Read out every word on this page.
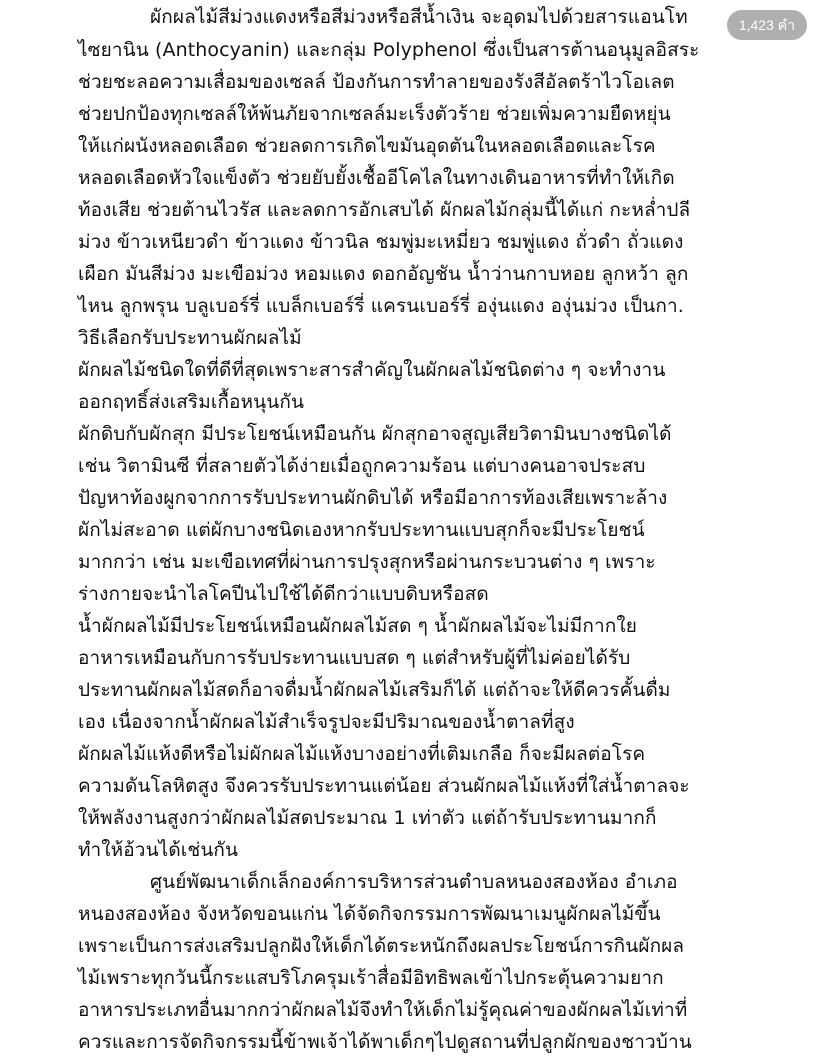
ผักผลไม้สีม่วงแดงหรือสีม่วงหรือสีน้ำเงิน จะอุดมไปด้วยสารแอนโท
ไซยานิน (Anthocyanin) และกลุ่ม Polyphenol ซึ่งเป็นสารต้านอนุมูลอิสระ
ช่วยชะลอความเสื่อมของเซลล์ ป้องกันการทำลายของรังสีอัลตร้าไวโอเลต
ช่วยปกป้องทุกเซลล์ให้พ้นภัยจากเซลล์มะเร็งตัวร้าย ช่วยเพิ่มความยืดหยุ่น
ให้แก่ผนังหลอดเลือด ช่วยลดการเกิดไขมันอุดตันในหลอดเลือดและโรค
หลอดเลือดหัวใจแข็งตัว ช่วยยับยั้งเชื้ออีโคไลในทางเดินอาหารที่ทำให้เกิด
ท้องเสีย ช่วยต้านไวรัส และลดการอักเสบได้ ผักผลไม้กลุ่มนี้ได้แก่ กะหล่ำปลี
ม่วง ข้าวเหนียวดำ ข้าวแดง ข้าวนิล ชมพู่มะเหมี่ยว ชมพู่แดง ถั่วดำ ถั่วแดง
เผือก มันสีม่วง มะเขือม่วง หอมแดง ดอกอัญชัน น้ำว่านกาบหอย ลูกหว้า ลูก
ไหน ลูกพรุน บลูเบอร์รี่ แบล็กเบอร์รี่ แครนเบอร์รี่ องุ่นแดง องุ่นม่วง เป็นกา.
วิธีเลือกรับประทานผักผลไม้
ผักผลไม้ชนิดใดที่ดีที่สุดเพราะสารสำคัญในผักผลไม้ชนิดต่าง ๆ จะทำงาน
ออกฤทธิ์ส่งเสริมเกื้อหนุนกัน
ผักดิบกับผักสุก มีประโยชน์เหมือนกัน ผักสุกอาจสูญเสียวิตามินบางชนิดได้
เช่น วิตามินซี ที่สลายตัวได้ง่ายเมื่อถูกความร้อน แต่บางคนอาจประสบ
ปัญหาท้องผูกจากการรับประทานผักดิบได้ หรือมีอาการท้องเสียเพราะล้าง
ผักไม่สะอาด แต่ผักบางชนิดเองหากรับประทานแบบสุกก็จะมีประโยชน์
มากกว่า เช่น มะเขือเทศที่ผ่านการปรุงสุกหรือผ่านกระบวนต่าง ๆ เพราะ
ร่างกายจะนำไลโคปีนไปใช้ได้ดีกว่าแบบดิบหรือสด
น้ำผักผลไม้มีประโยชน์เหมือนผักผลไม้สด ๆ น้ำผักผลไม้จะไม่มีกากใย
อาหารเหมือนกับการรับประทานแบบสด ๆ แต่สำหรับผู้ที่ไม่ค่อยได้รับ
ประทานผักผลไม้สดก็อาจดื่มน้ำผักผลไม้เสริมก็ได้ แต่ถ้าจะให้ดีควรคั้นดื่ม
เอง เนื่องจากน้ำผักผลไม้สำเร็จรูปจะมีปริมาณของน้ำตาลที่สูง
ผักผลไม้แห้งดีหรือไม่ผักผลไม้แห้งบางอย่างที่เติมเกลือ ก็จะมีผลต่อโรค
ความดันโลหิตสูง จึงควรรับประทานแต่น้อย ส่วนผักผลไม้แห้งที่ใส่น้ำตาลจะ
ให้พลังงานสูงกว่าผักผลไม้สดประมาณ 1 เท่าตัว แต่ถ้ารับประทานมากก็
ทำให้อ้วนได้เช่นกัน
ศูนย์พัฒนาเด็กเล็กองค์การบริหารส่วนตำบลหนองสองห้อง อำเภอ
หนองสองห้อง จังหวัดขอนแก่น ได้จัดกิจกรรมการพัฒนาเมนูผักผลไม้ขึ้น
เพราะเป็นการส่งเสริมปลูกฝังให้เด็กได้ตระหนักถึงผลประโยชน์การกินผักผล
ไม้เพราะทุกวันนี้กระแสบริโภครุมเร้าสื่อมีอิทธิพลเข้าไปกระตุ้นความยาก
อาหารประเภทอื่นมากกว่าผักผลไม้จึงทำให้เด็กไม่รู้คุณค่าของผักผลไม้เท่าที่
ควรและการจัดกิจกรรมนี้ข้าพเจ้าได้พาเด็กๆไปดูสถานที่ปลูกผักของชาวบ้าน
1,423 คำ
